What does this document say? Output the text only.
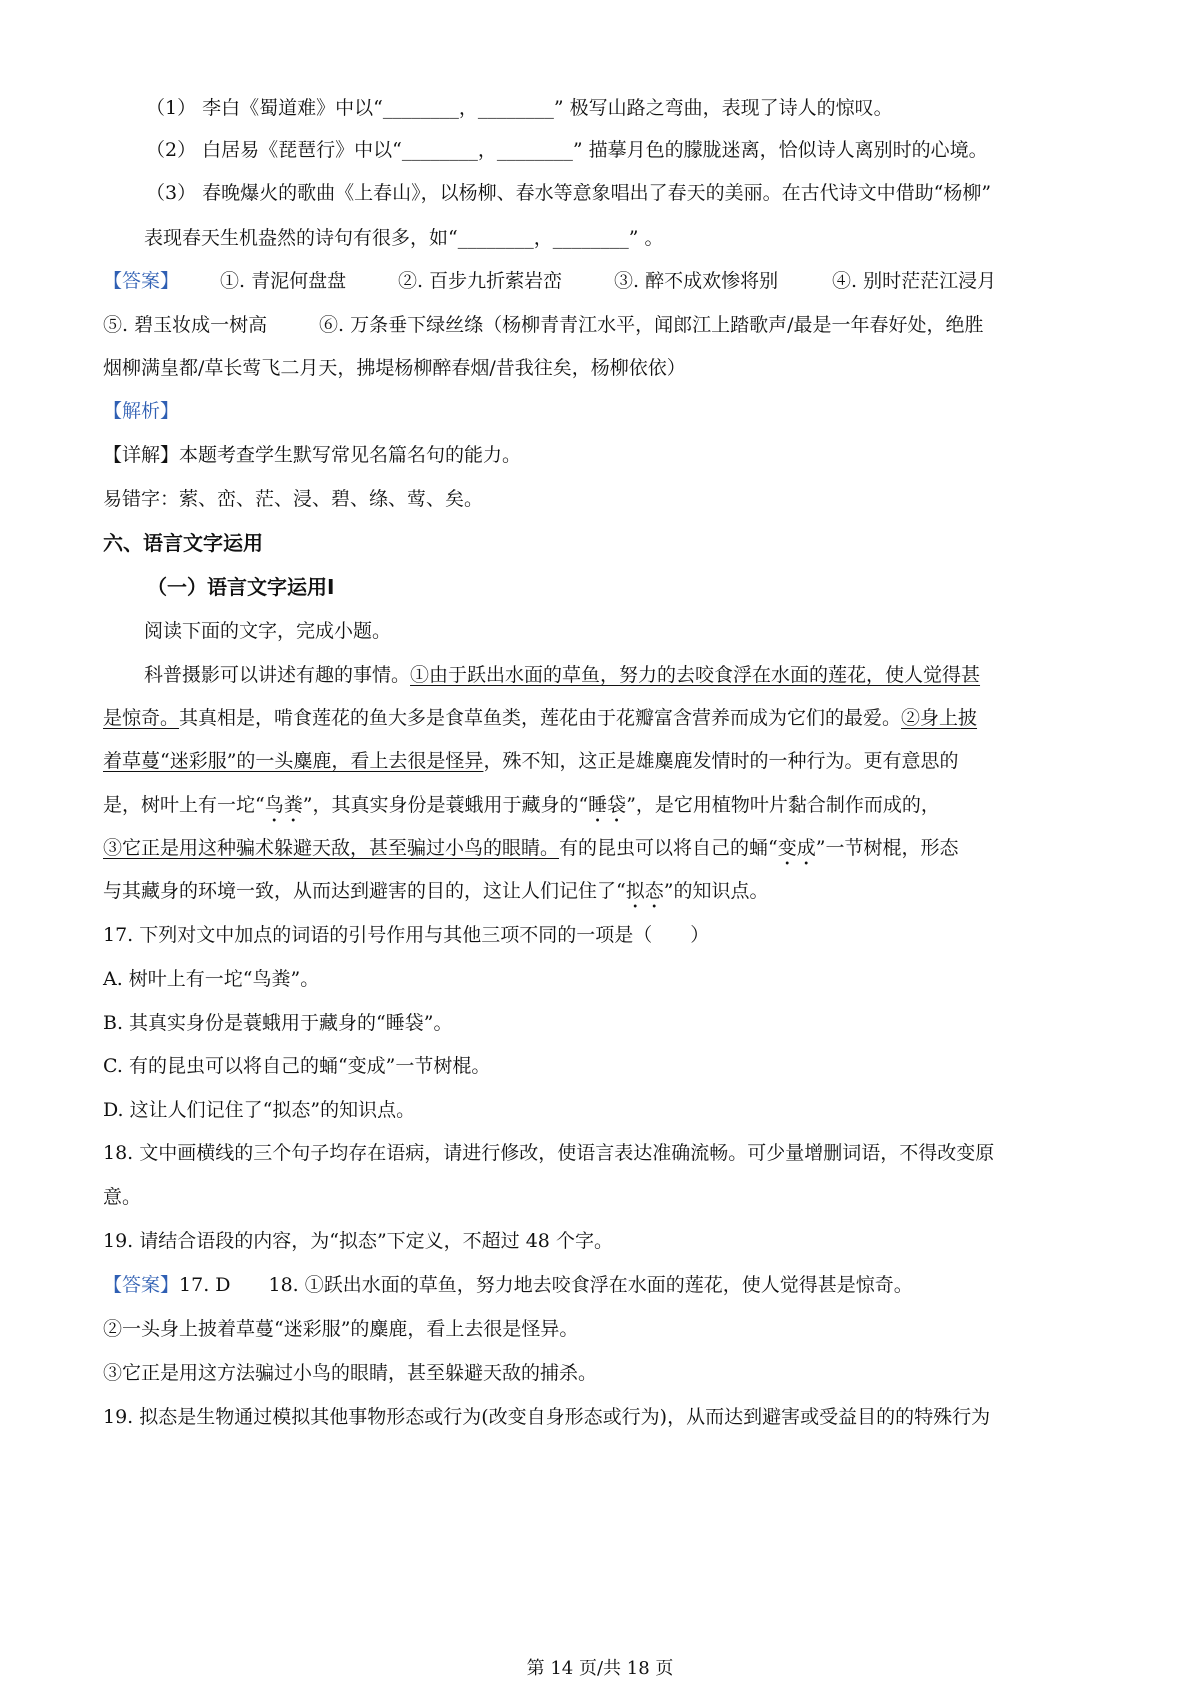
（1） 李白《蜀道难》中以“________，________” 极写山路之弯曲，表现了诗人的惊叹。
（2） 白居易《琵琶行》中以“________，________” 描摹月色的朦胧迷离，恰似诗人离别时的心境。
（3） 春晚爆火的歌曲《上春山》，以杨柳、春水等意象唱出了春天的美丽。在古代诗文中借助“杨柳”
表现春天生机盎然的诗句有很多，如“________，________” 。
【答案】 ①. 青泥何盘盘	②. 百步九折萦岩峦	③. 醉不成欢惨将别	④. 别时茫茫江浸月
⑤. 碧玉妆成一树高	⑥. 万条垂下绿丝绦（杨柳青青江水平，闻郎江上踏歌声/最是一年春好处，绝胜
烟柳满皇都/草长莺飞二月天，拂堤杨柳醉春烟/昔我往矣，杨柳依依）
【解析】
【详解】本题考查学生默写常见名篇名句的能力。
易错字：萦、峦、茫、浸、碧、绦、莺、矣。
六、语言文字运用
（一）语言文字运用Ⅰ
阅读下面的文字，完成小题。
科普摄影可以讲述有趣的事情。①由于跃出水面的草鱼，努力的去咬食浮在水面的莲花，使人觉得甚
是惊奇。其真相是，啃食莲花的鱼大多是食草鱼类，莲花由于花瓣富含营养而成为它们的最爱。②身上披
着草蔓“迷彩服”的一头麋鹿，看上去很是怪异，殊不知，这正是雄麋鹿发情时的一种行为。更有意思的
是，树叶上有一坨“鸟粪”，其真实身份是蓑蛾用于藏身的“睡袋”，是它用植物叶片黏合制作而成的，
③它正是用这种骗术躲避天敌，甚至骗过小鸟的眼睛。有的昆虫可以将自己的蛹“变成”一节树棍，形态
与其藏身的环境一致，从而达到避害的目的，这让人们记住了“拟态”的知识点。
17. 下列对文中加点的词语的引号作用与其他三项不同的一项是（　　）
A. 树叶上有一坨“鸟粪”。
B. 其真实身份是蓑蛾用于藏身的“睡袋”。
C. 有的昆虫可以将自己的蛹“变成”一节树棍。
D. 这让人们记住了“拟态”的知识点。
18. 文中画横线的三个句子均存在语病，请进行修改，使语言表达准确流畅。可少量增删词语，不得改变原
意。
19. 请结合语段的内容，为“拟态”下定义，不超过 48 个字。
【答案】17. D　　18. ①跃出水面的草鱼，努力地去咬食浮在水面的莲花，使人觉得甚是惊奇。
②一头身上披着草蔓“迷彩服”的麋鹿，看上去很是怪异。
③它正是用这方法骗过小鸟的眼睛，甚至躲避天敌的捕杀。
19. 拟态是生物通过模拟其他事物形态或行为(改变自身形态或行为)，从而达到避害或受益目的的特殊行为
第 14 页/共 18 页
